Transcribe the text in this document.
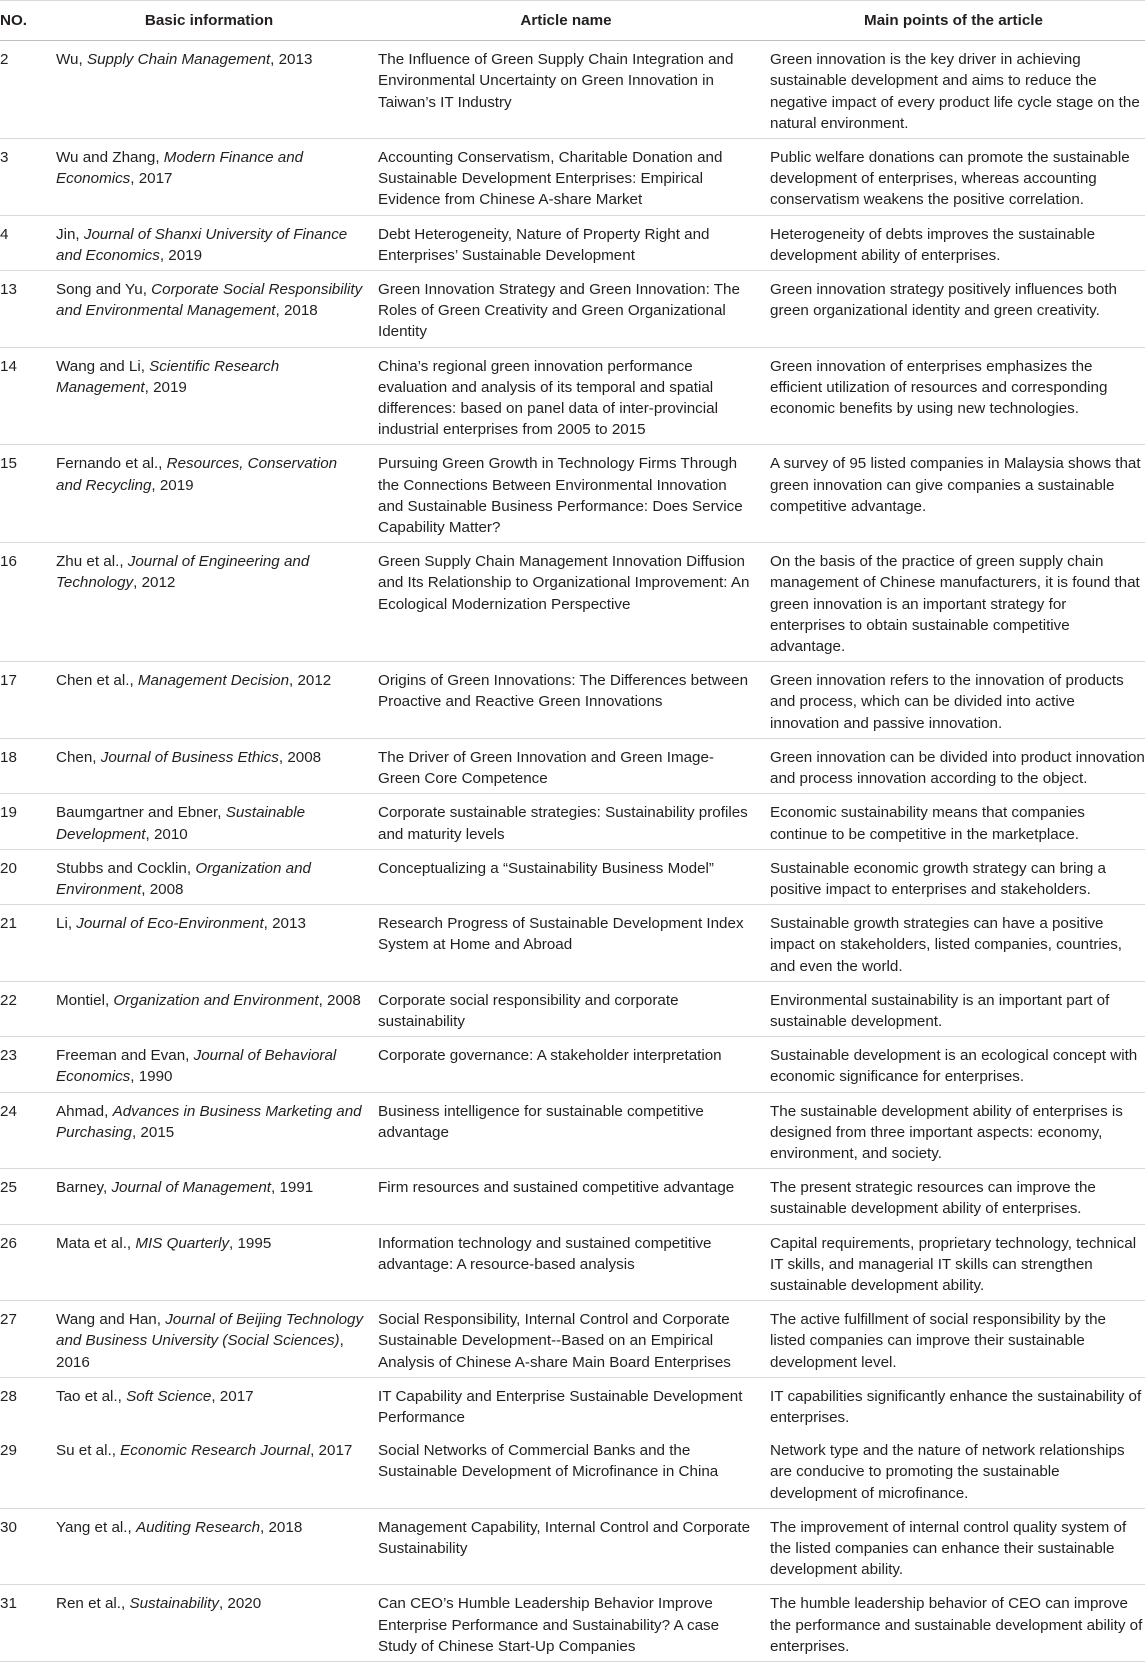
NO.	Basic information	Article name	Main points of the article
2	Wu, Supply Chain Management, 2013	The Influence of Green Supply Chain Integration and Environmental Uncertainty on Green Innovation in Taiwan’s IT Industry	Green innovation is the key driver in achieving sustainable development and aims to reduce the negative impact of every product life cycle stage on the natural environment.
3	Wu and Zhang, Modern Finance and Economics, 2017	Accounting Conservatism, Charitable Donation and Sustainable Development Enterprises: Empirical Evidence from Chinese A-share Market	Public welfare donations can promote the sustainable development of enterprises, whereas accounting conservatism weakens the positive correlation.
4	Jin, Journal of Shanxi University of Finance and Economics, 2019	Debt Heterogeneity, Nature of Property Right and Enterprises’ Sustainable Development	Heterogeneity of debts improves the sustainable development ability of enterprises.
13	Song and Yu, Corporate Social Responsibility and Environmental Management, 2018	Green Innovation Strategy and Green Innovation: The Roles of Green Creativity and Green Organizational Identity	Green innovation strategy positively influences both green organizational identity and green creativity.
14	Wang and Li, Scientific Research Management, 2019	China’s regional green innovation performance evaluation and analysis of its temporal and spatial differences: based on panel data of inter-provincial industrial enterprises from 2005 to 2015	Green innovation of enterprises emphasizes the efficient utilization of resources and corresponding economic benefits by using new technologies.
15	Fernando et al., Resources, Conservation and Recycling, 2019	Pursuing Green Growth in Technology Firms Through the Connections Between Environmental Innovation and Sustainable Business Performance: Does Service Capability Matter?	A survey of 95 listed companies in Malaysia shows that green innovation can give companies a sustainable competitive advantage.
16	Zhu et al., Journal of Engineering and Technology, 2012	Green Supply Chain Management Innovation Diffusion and Its Relationship to Organizational Improvement: An Ecological Modernization Perspective	On the basis of the practice of green supply chain management of Chinese manufacturers, it is found that green innovation is an important strategy for enterprises to obtain sustainable competitive advantage.
17	Chen et al., Management Decision, 2012	Origins of Green Innovations: The Differences between Proactive and Reactive Green Innovations	Green innovation refers to the innovation of products and process, which can be divided into active innovation and passive innovation.
18	Chen, Journal of Business Ethics, 2008	The Driver of Green Innovation and Green Image-Green Core Competence	Green innovation can be divided into product innovation and process innovation according to the object.
19	Baumgartner and Ebner, Sustainable Development, 2010	Corporate sustainable strategies: Sustainability profiles and maturity levels	Economic sustainability means that companies continue to be competitive in the marketplace.
20	Stubbs and Cocklin, Organization and Environment, 2008	Conceptualizing a “Sustainability Business Model”	Sustainable economic growth strategy can bring a positive impact to enterprises and stakeholders.
21	Li, Journal of Eco-Environment, 2013	Research Progress of Sustainable Development Index System at Home and Abroad	Sustainable growth strategies can have a positive impact on stakeholders, listed companies, countries, and even the world.
22	Montiel, Organization and Environment, 2008	Corporate social responsibility and corporate sustainability	Environmental sustainability is an important part of sustainable development.
23	Freeman and Evan, Journal of Behavioral Economics, 1990	Corporate governance: A stakeholder interpretation	Sustainable development is an ecological concept with economic significance for enterprises.
24	Ahmad, Advances in Business Marketing and Purchasing, 2015	Business intelligence for sustainable competitive advantage	The sustainable development ability of enterprises is designed from three important aspects: economy, environment, and society.
25	Barney, Journal of Management, 1991	Firm resources and sustained competitive advantage	The present strategic resources can improve the sustainable development ability of enterprises.
26	Mata et al., MIS Quarterly, 1995	Information technology and sustained competitive advantage: A resource-based analysis	Capital requirements, proprietary technology, technical IT skills, and managerial IT skills can strengthen sustainable development ability.
27	Wang and Han, Journal of Beijing Technology and Business University (Social Sciences), 2016	Social Responsibility, Internal Control and Corporate Sustainable Development--Based on an Empirical Analysis of Chinese A-share Main Board Enterprises	The active fulfillment of social responsibility by the listed companies can improve their sustainable development level.
28	Tao et al., Soft Science, 2017	IT Capability and Enterprise Sustainable Development Performance	IT capabilities significantly enhance the sustainability of enterprises.
29	Su et al., Economic Research Journal, 2017	Social Networks of Commercial Banks and the Sustainable Development of Microfinance in China	Network type and the nature of network relationships are conducive to promoting the sustainable development of microfinance.
30	Yang et al., Auditing Research, 2018	Management Capability, Internal Control and Corporate Sustainability	The improvement of internal control quality system of the listed companies can enhance their sustainable development ability.
31	Ren et al., Sustainability, 2020	Can CEO’s Humble Leadership Behavior Improve Enterprise Performance and Sustainability? A case Study of Chinese Start-Up Companies	The humble leadership behavior of CEO can improve the performance and sustainable development ability of enterprises.
